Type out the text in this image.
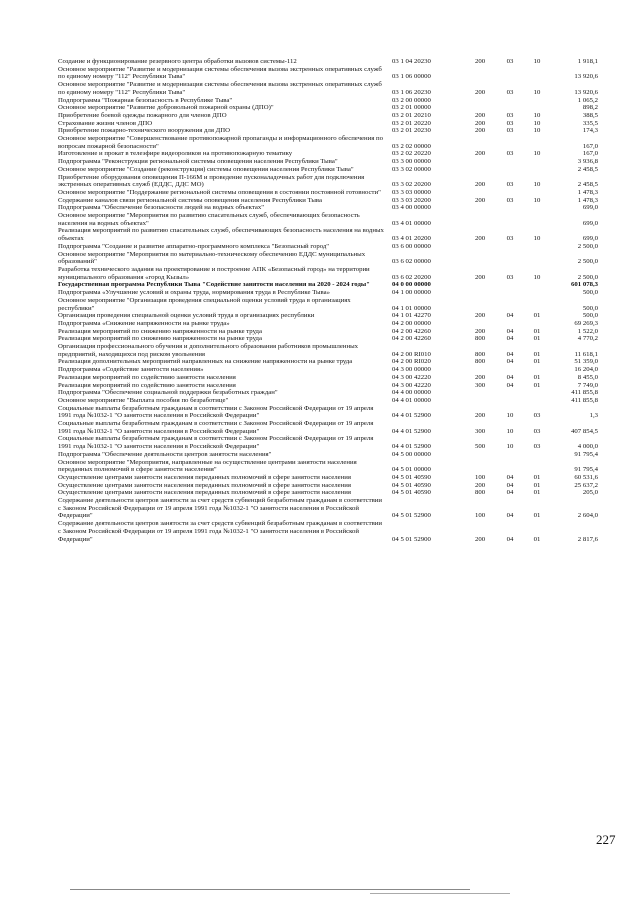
Создание и функционирование резервного центра обработки вызовов системы-112	03 1 04 20230	200	03	10	1 918,1
Основное мероприятие "Развитие и модернизация системы обеспечения вызова экстренных оперативных служб по единому номеру "112" Республики Тыва"	03 1 06 00000				13 920,6
Основное мероприятие "Развитие и модернизация системы обеспечения вызова экстренных оперативных служб по единому номеру "112" Республики Тыва"	03 1 06 20230	200	03	10	13 920,6
Подпрограмма "Пожарная безопасность в Республике Тыва"	03 2 00 00000				1 065,2
Основное мероприятие "Развитие добровольной пожарной охраны (ДПО)"	03 2 01 00000				898,2
Приобретение боевой одежды пожарного для членов ДПО	03 2 01 20210	200	03	10	388,5
Страхование жизни членов ДПО	03 2 01 20220	200	03	10	335,5
Приобретение пожарно-технического вооружения для ДПО	03 2 01 20230	200	03	10	174,3
Основное мероприятие "Совершенствование противопожарной пропаганды и информационного обеспечения по вопросам пожарной безопасности"	03 2 02 00000				167,0
Изготовление и прокат в телеэфире видеороликов на противопожарную тематику	03 2 02 20220	200	03	10	167,0
Подпрограмма "Реконструкция региональной системы оповещения населения Республики Тыва"	03 3 00 00000				3 936,8
Основное мероприятие "Создание (реконструкция) системы оповещения населения Республики Тыва"	03 3 02 00000				2 458,5
Приобретение оборудования оповещения П-166М и проведение пусконаладочных работ для подключения экстренных оперативных служб (ЕДДС, ДДС МО)	03 3 02 20200	200	03	10	2 458,5
Основное мероприятие "Поддержание региональной системы оповещения в состоянии постоянной готовности"	03 3 03 00000				1 478,3
Содержание каналов связи региональной системы оповещения населения Республики Тыва	03 3 03 20200	200	03	10	1 478,3
Подпрограмма "Обеспечение безопасности людей на водных объектах"	03 4 00 00000				699,0
Основное мероприятие "Мероприятия по развитию спасательных служб, обеспечивающих безопасность населения на водных объектах"	03 4 01 00000				699,0
Реализация мероприятий по развитию спасательных служб, обеспечивающих безопасность населения на водных объектах	03 4 01 20200	200	03	10	699,0
Подпрограмма "Создание и развитие аппаратно-программного комплекса "Безопасный город"	03 6 00 00000				2 500,0
Основное мероприятие "Мероприятия по материально-техническому обеспечению ЕДДС муниципальных образований"	03 6 02 00000				2 500,0
Разработка технического задания на проектирование и построение АПК «Безопасный город» на территории муниципального образования «город Кызыл»	03 6 02 20200	200	03	10	2 500,0
Государственная программа Республики Тыва "Содействие занятости населения на 2020 - 2024 годы"	04 0 00 00000				601 078,3
Подпрограмма «Улучшение условий и охраны труда, нормирования труда в Республике Тыва»	04 1 00 00000				500,0
Основное мероприятие "Организация проведения специальной оценки условий труда в организациях республики"	04 1 01 00000				500,0
Организация проведения специальной оценки условий труда в организациях республики	04 1 01 42270	200	04	01	500,0
Подпрограмма «Снижение напряженности на рынке труда»	04 2 00 00000				69 269,3
Реализация мероприятий по снижению напряженности на рынке труда	04 2 00 42260	200	04	01	1 522,0
Реализация мероприятий по снижению напряженности на рынке труда	04 2 00 42260	800	04	01	4 770,2
Организация профессионального обучения и дополнительного образования работников промышленных предприятий, находящихся под риском увольнения	04 2 00 RI010	800	04	01	11 618,1
Реализация дополнительных мероприятий направленных на снижение напряженности на рынке труда	04 2 00 RI020	800	04	01	51 359,0
Подпрограмма «Содействие занятости населения»	04 3 00 00000				16 204,0
Реализация мероприятий по содействию занятости населения	04 3 00 42220	200	04	01	8 455,0
Реализация мероприятий по содействию занятости населения	04 3 00 42220	300	04	01	7 749,0
Подпрограмма "Обеспечение социальной поддержки безработных граждан"	04 4 00 00000				411 855,8
Основное мероприятие "Выплата пособия по безработице"	04 4 01 00000				411 855,8
Социальные выплаты безработным гражданам в соответствии с Законом Российской Федерации от 19 апреля 1991 года №1032-1 "О занятости населения в Российской Федерации"	04 4 01 52900	200	10	03	1,3
Социальные выплаты безработным гражданам в соответствии с Законом Российской Федерации от 19 апреля 1991 года №1032-1 "О занятости населения в Российской Федерации"	04 4 01 52900	300	10	03	407 854,5
Социальные выплаты безработным гражданам в соответствии с Законом Российской Федерации от 19 апреля 1991 года №1032-1 "О занятости населения в Российской Федерации"	04 4 01 52900	500	10	03	4 000,0
Подпрограмма "Обеспечение деятельности центров занятости населения"	04 5 00 00000				91 795,4
Основное мероприятие "Мероприятия, направленные на осуществление центрами занятости населения переданных полномочий в сфере занятости населения"	04 5 01 00000				91 795,4
Осуществление центрами занятости населения переданных полномочий в сфере занятости населения	04 5 01 40590	100	04	01	60 531,6
Осуществление центрами занятости населения переданных полномочий в сфере занятости населения	04 5 01 40590	200	04	01	25 637,2
Осуществление центрами занятости населения переданных полномочий в сфере занятости населения	04 5 01 40590	800	04	01	205,0
Содержание деятельности центров занятости за счет средств субвенций безработным гражданам в соответствии с Законом Российской Федерации от 19 апреля 1991 года №1032-1 "О занятости населения в Российской Федерации"	04 5 01 52900	100	04	01	2 604,0
Содержание деятельности центров занятости за счет средств субвенций безработным гражданам в соответствии с Законом Российской Федерации от 19 апреля 1991 года №1032-1 "О занятости населения в Российской Федерации"	04 5 01 52900	200	04	01	2 817,6
227
